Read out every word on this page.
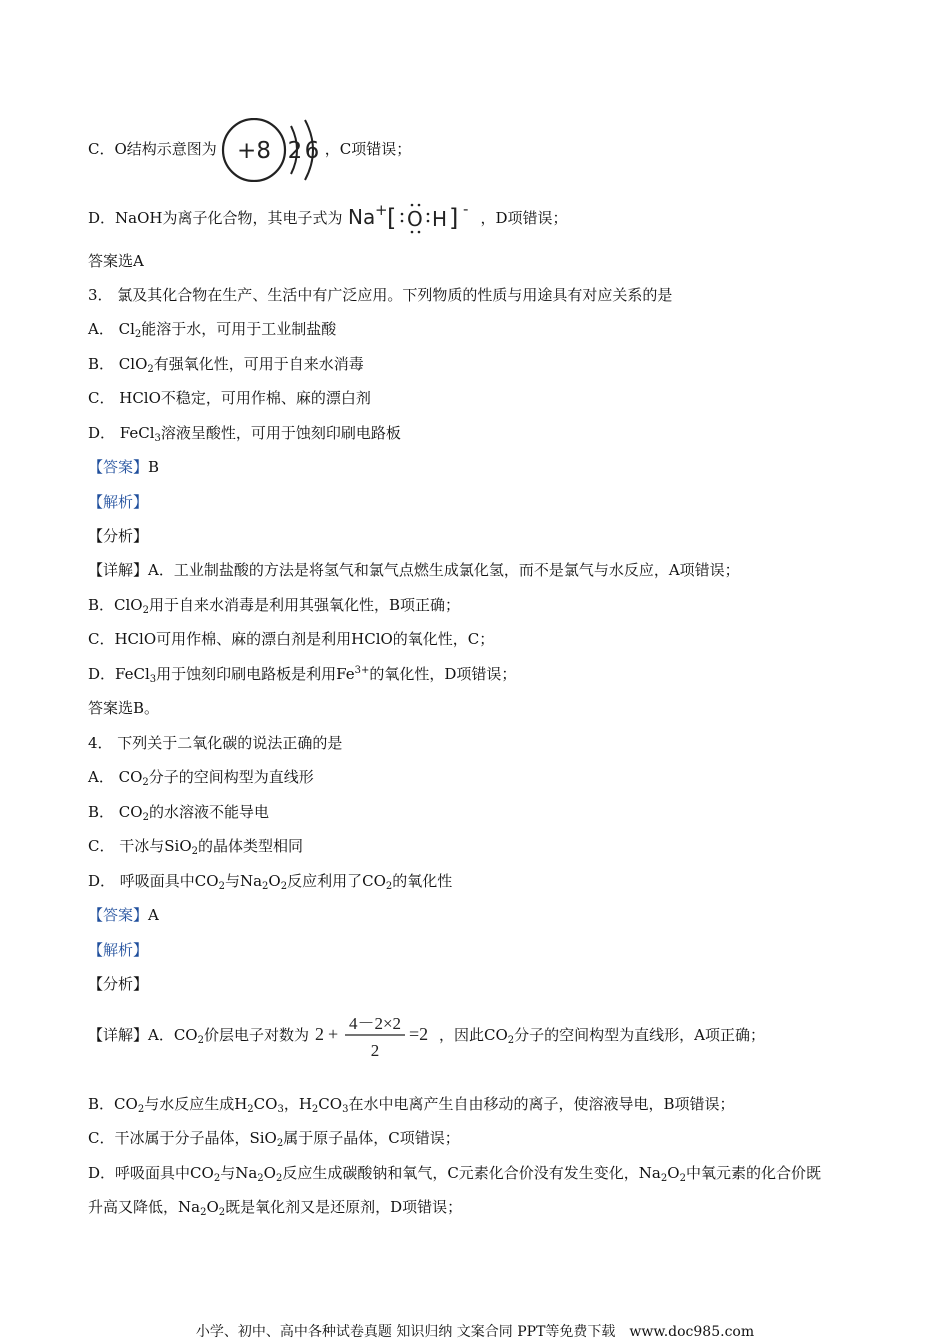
C．O结构示意图为 +8 2 6 ，C项错误；
D．NaOH为离子化合物，其电子式为 Na + [ O H ] - ，D项错误；
答案选A
3． 氯及其化合物在生产、生活中有广泛应用。下列物质的性质与用途具有对应关系的是
A． $Cl_2$能溶于水，可用于工业制盐酸
B． ClO$_2$有强氧化性，可用于自来水消毒
C． HClO不稳定，可用作棉、麻的漂白剂
D． FeCl$_3$溶液呈酸性，可用于蚀刻印刷电路板
【答案】B
【解析】
【分析】
【详解】A．工业制盐酸的方法是将氢气和氯气点燃生成氯化氢，而不是氯气与水反应，A项错误；
B．ClO$_2$用于自来水消毒是利用其强氧化性，B项正确；
C．HClO可用作棉、麻的漂白剂是利用HClO的氧化性，C；
D．FeCl$_3$用于蚀刻印刷电路板是利用$Fe^{3+}$的氧化性，D项错误；
答案选B。
4． 下列关于二氧化碳的说法正确的是
A． $CO_2$分子的空间构型为直线形
B． $CO_2$的水溶液不能导电
C． 干冰与SiO$_2$的晶体类型相同
D． 呼吸面具中$CO_2$与$Na_2O_2$反应利用了$CO_2$的氧化性
【答案】A
【解析】
【分析】
【详解】A．$CO_2$价层电子对数为 2 +
4－2×2
2
=2 ，因此$CO_2$分子的空间构型为直线形，A项正确；
B．$CO_2$与水反应生成$H_2CO_3$，$H_2CO_3$在水中电离产生自由移动的离子，使溶液导电，B项错误；
C．干冰属于分子晶体，SiO$_2$属于原子晶体，C项错误；
D．呼吸面具中$CO_2$与$Na_2O_2$反应生成碳酸钠和氧气，C元素化合价没有发生变化，$Na_2O_2$中氧元素的化合价既
升高又降低，$Na_2O_2$既是氧化剂又是还原剂，D项错误；
小学、初中、高中各种试卷真题 知识归纳 文案合同 PPT等免费下载 www.doc985.com
